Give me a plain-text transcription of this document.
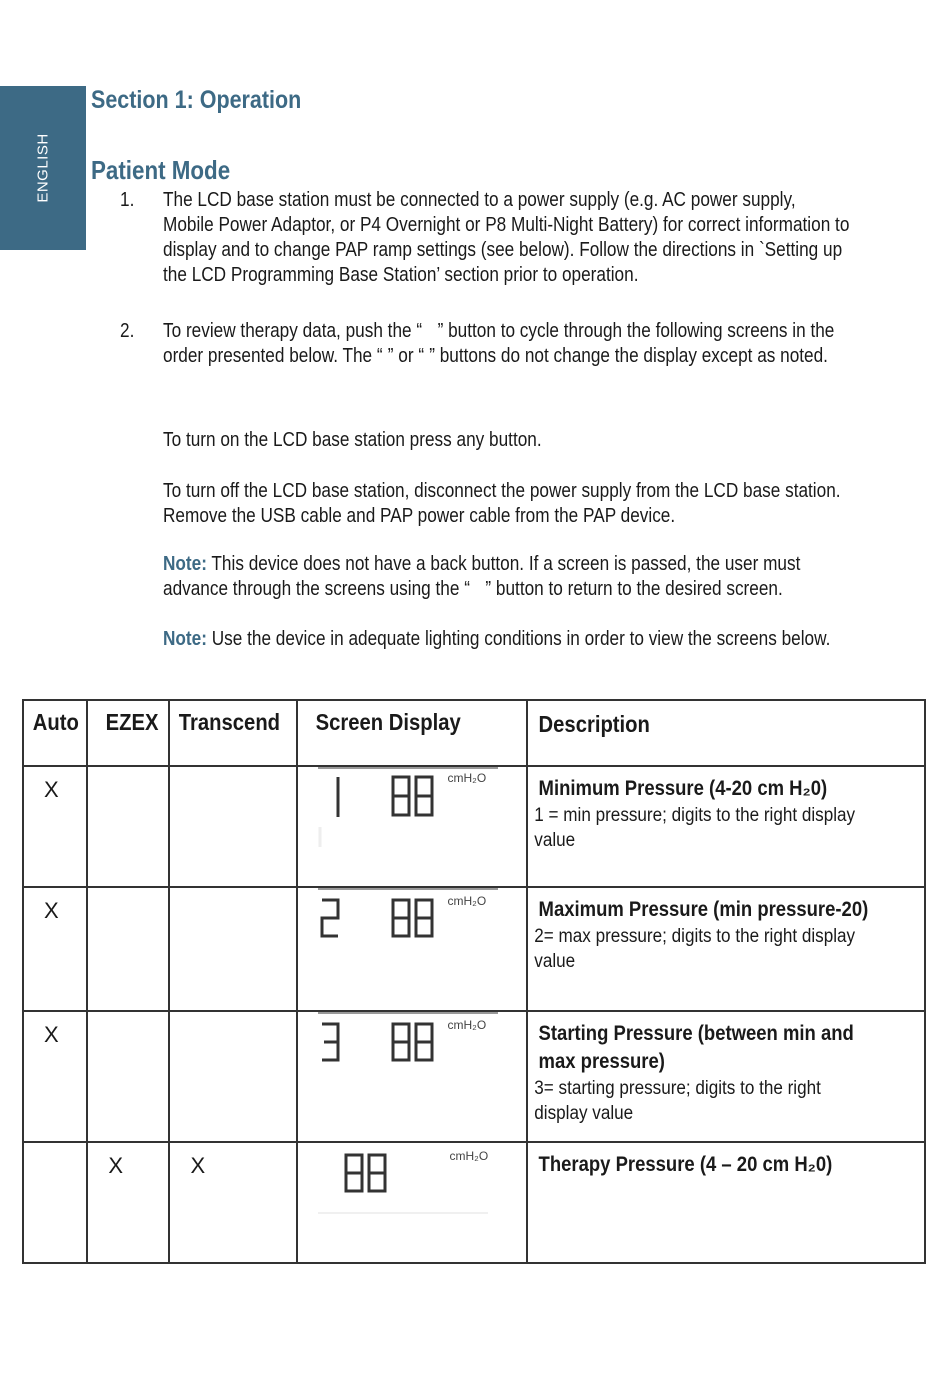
ENGLISH
Section 1: Operation
Patient Mode

1. The LCD base station must be connected to a power supply (e.g. AC power supply, Mobile Power Adaptor, or P4 Overnight or P8 Multi-Night Battery) for correct information to display and to change PAP ramp settings (see below). Follow the directions in `Setting up the LCD Programming Base Station’ section prior to operation.

2. To review therapy data, push the “ ” button to cycle through the following screens in the order presented below. The “ ” or “ ” buttons do not change the display except as noted.

To turn on the LCD base station press any button.

To turn off the LCD base station, disconnect the power supply from the LCD base station. Remove the USB cable and PAP power cable from the PAP device.

Note: This device does not have a back button. If a screen is passed, the user must advance through the screens using the “ ” button to return to the desired screen.

Note: Use the device in adequate lighting conditions in order to view the screens below.

Auto	EZEX	Transcend	Screen Display	Description

X			cmH₂O	Minimum Pressure (4-20 cm H₂0)
1 = min pressure; digits to the right display value

X			cmH₂O	Maximum Pressure (min pressure-20)
2= max pressure; digits to the right display value

X			cmH₂O	Starting Pressure (between min and max pressure)
3= starting pressure; digits to the right display value

	X	X	cmH₂O	Therapy Pressure (4 – 20 cm H₂0)
